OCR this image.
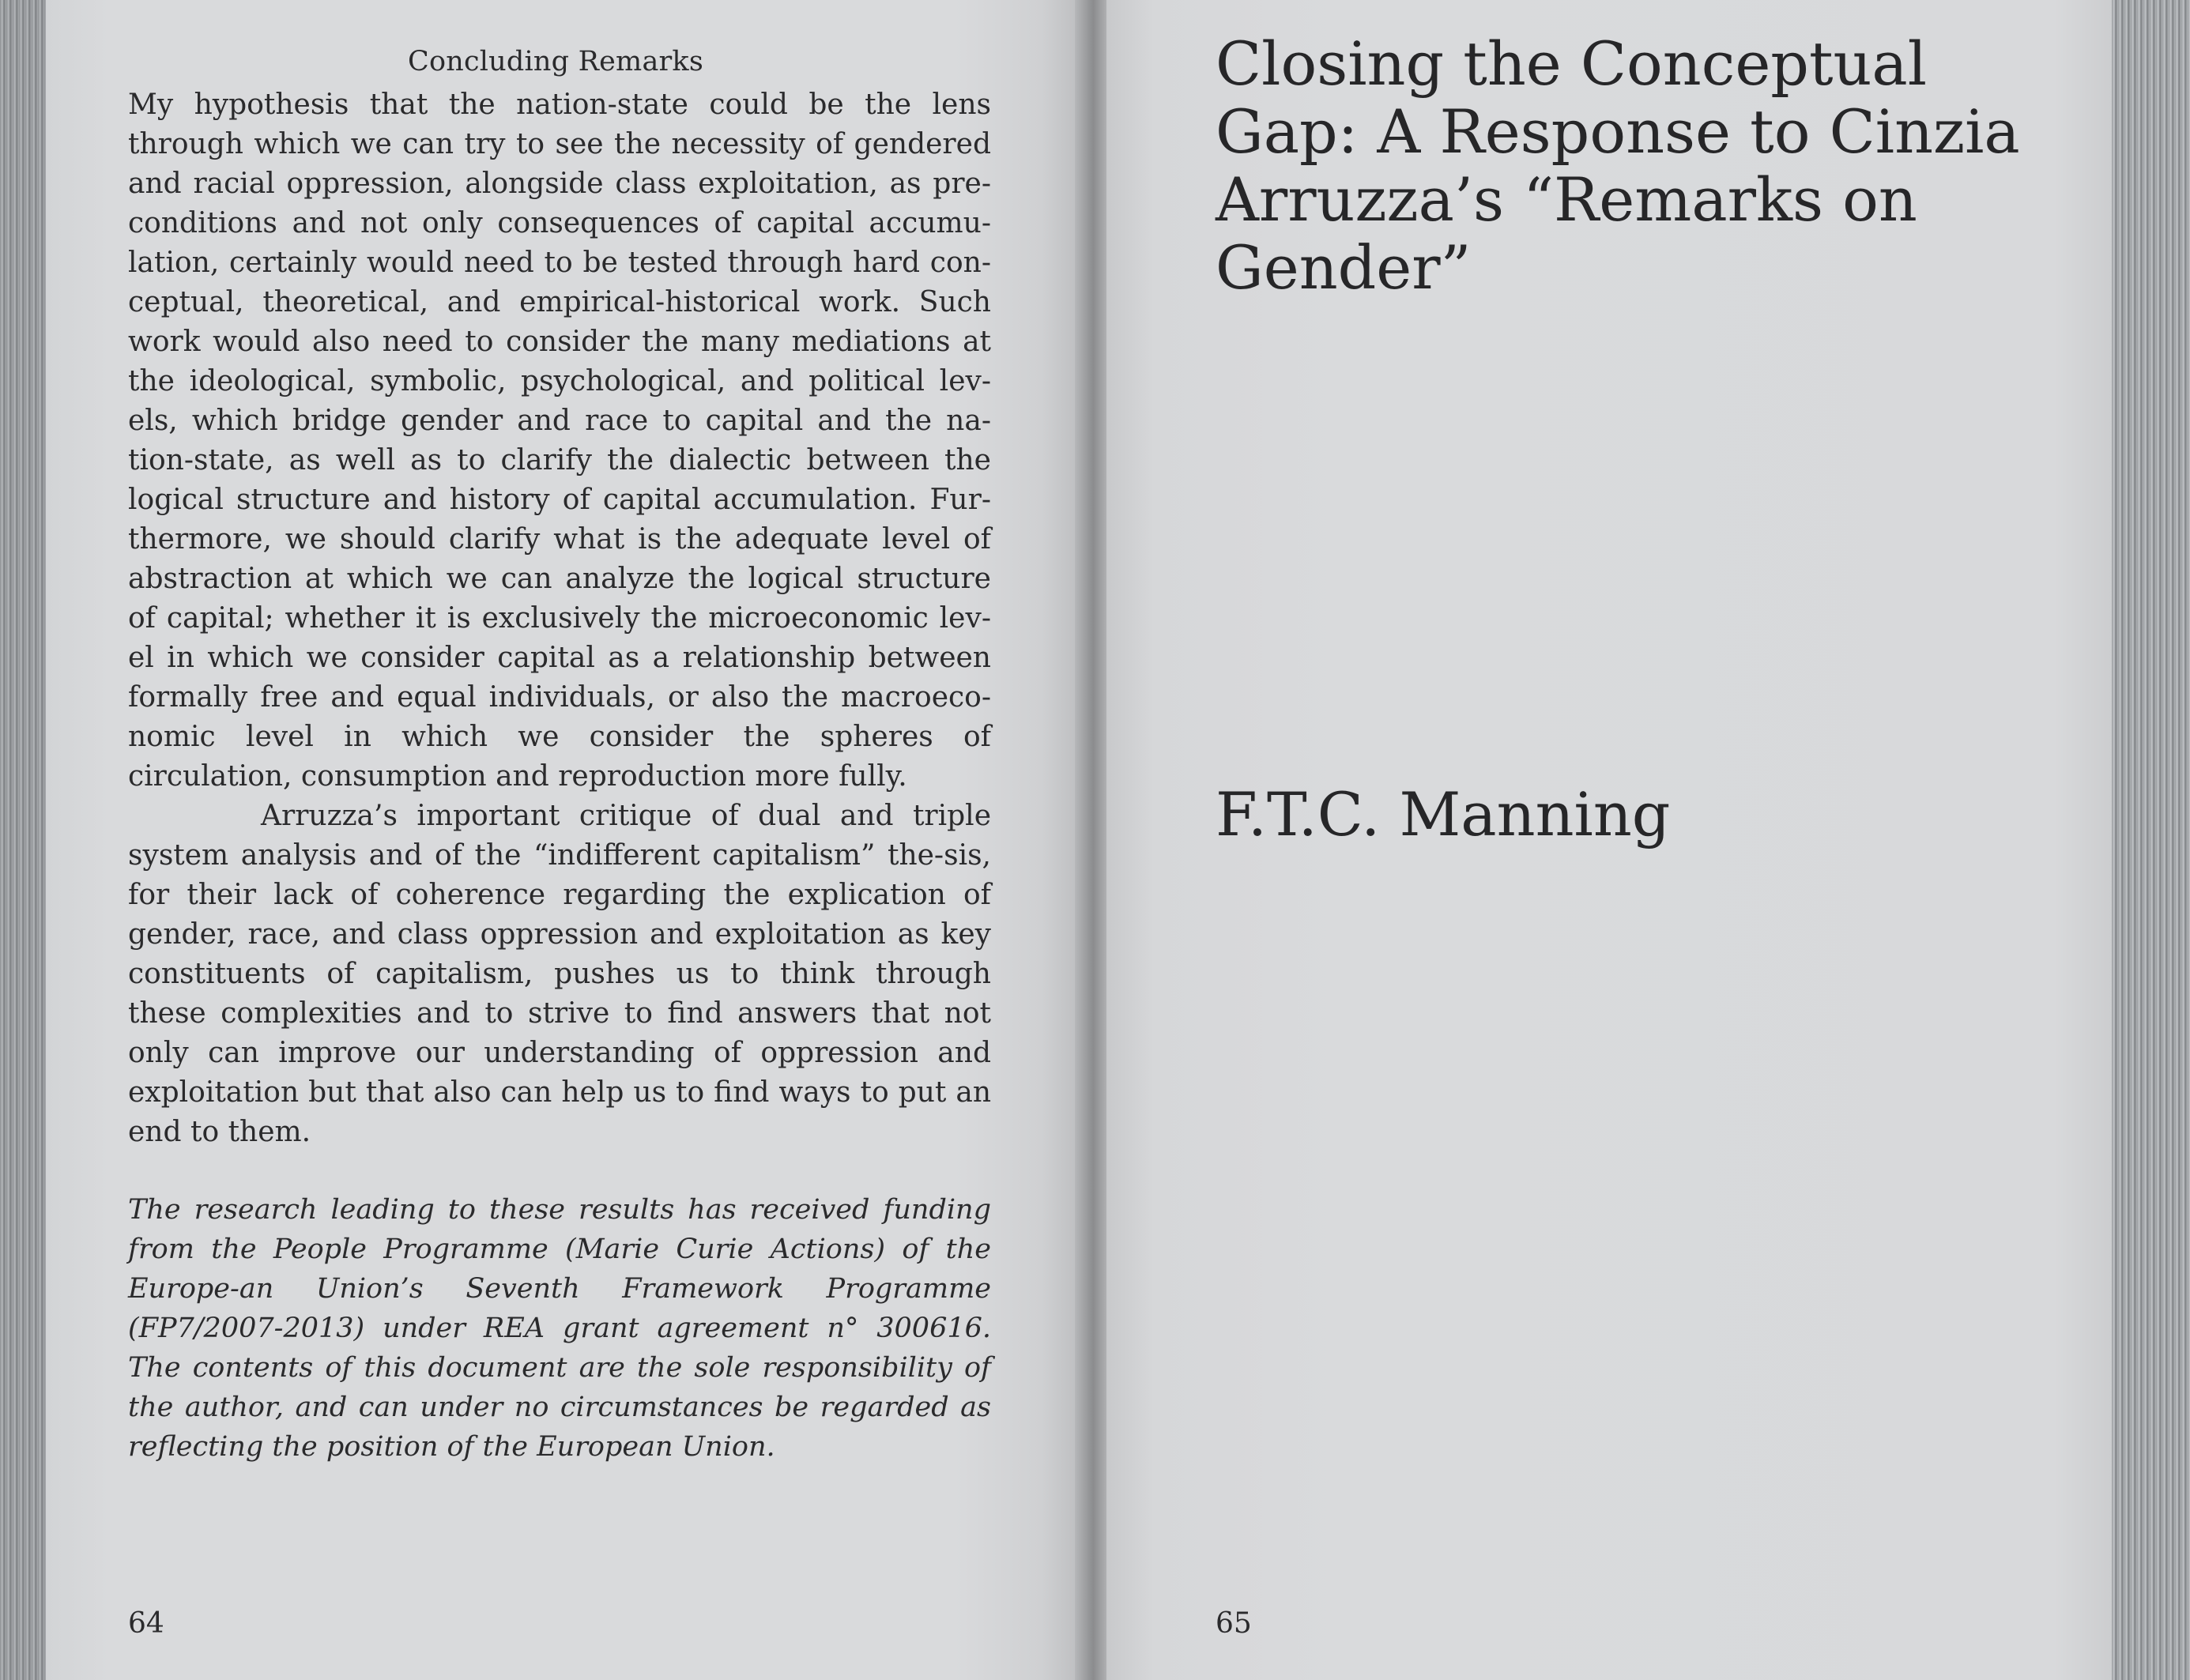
Concluding Remarks

My hypothesis that the nation-state could be the lens through which we can try to see the necessity of gendered and racial oppression, alongside class exploitation, as pre-conditions and not only consequences of capital accumu-lation, certainly would need to be tested through hard con-ceptual, theoretical, and empirical-historical work. Such work would also need to consider the many mediations at the ideological, symbolic, psychological, and political lev-els, which bridge gender and race to capital and the na-tion-state, as well as to clarify the dialectic between the logical structure and history of capital accumulation. Fur-thermore, we should clarify what is the adequate level of abstraction at which we can analyze the logical structure of capital; whether it is exclusively the microeconomic lev-el in which we consider capital as a relationship between formally free and equal individuals, or also the macroeco-nomic level in which we consider the spheres of circulation, consumption and reproduction more fully.

Arruzza’s important critique of dual and triple system analysis and of the “indifferent capitalism” the-sis, for their lack of coherence regarding the explication of gender, race, and class oppression and exploitation as key constituents of capitalism, pushes us to think through these complexities and to strive to find answers that not only can improve our understanding of oppression and exploitation but that also can help us to find ways to put an end to them.

The research leading to these results has received funding from the People Programme (Marie Curie Actions) of the Europe-an Union’s Seventh Framework Programme (FP7/2007-2013) under REA grant agreement n° 300616. The contents of this document are the sole responsibility of the author, and can under no circumstances be regarded as reflecting the position of the European Union.
64
Closing the Conceptual Gap: A Response to Cinzia Arruzza’s “Remarks on Gender”
F.T.C. Manning
65
